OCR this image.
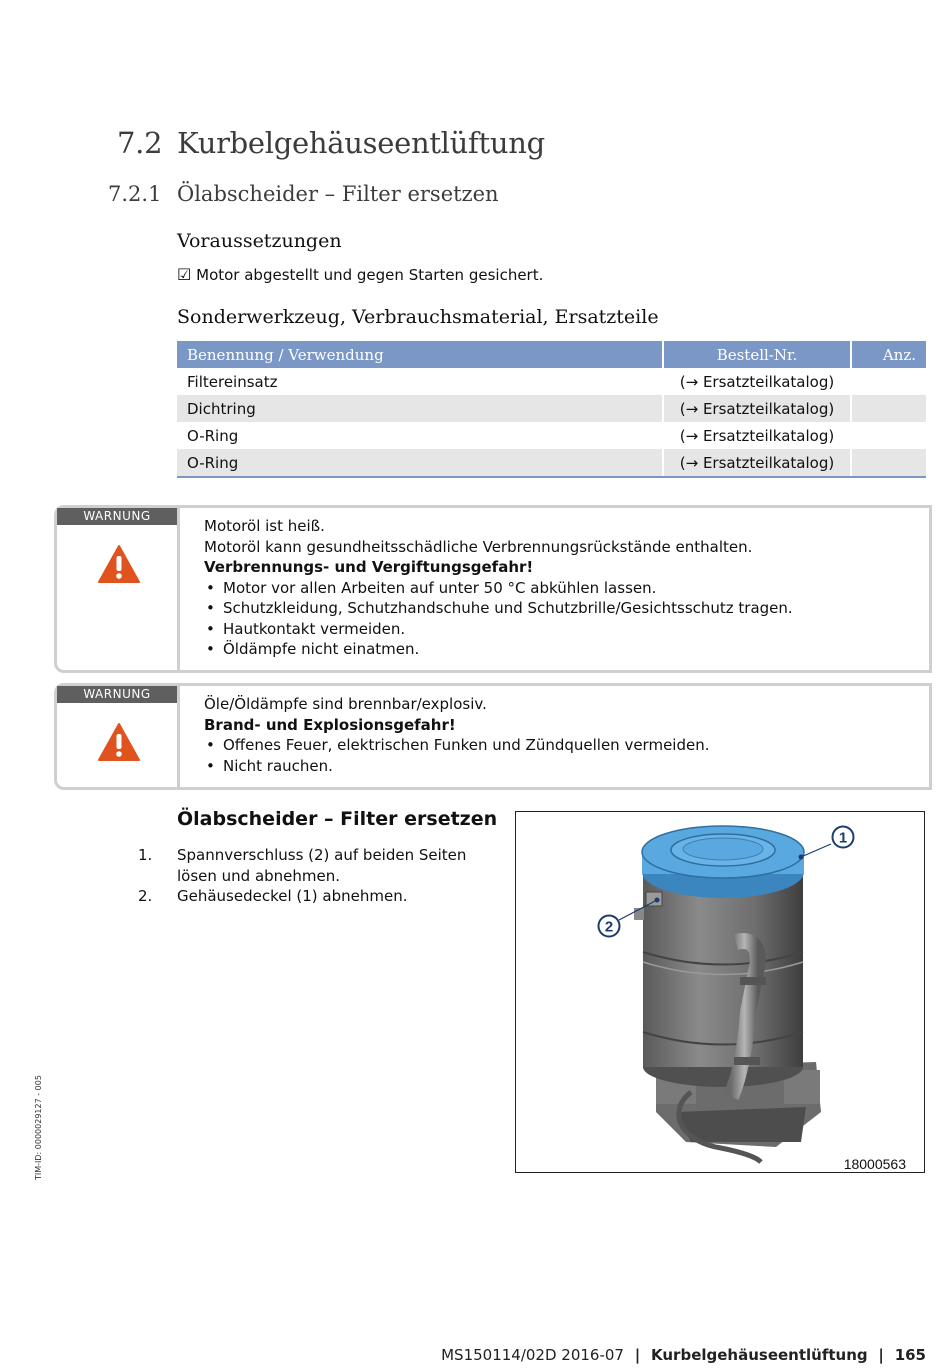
7.2 Kurbelgehäuseentlüftung
7.2.1 Ölabscheider – Filter ersetzen
Voraussetzungen
☑ Motor abgestellt und gegen Starten gesichert.
Sonderwerkzeug, Verbrauchsmaterial, Ersatzteile
Benennung / Verwendung	Bestell-Nr.	Anz.
Filtereinsatz	(→ Ersatzteilkatalog)	
Dichtring	(→ Ersatzteilkatalog)	
O-Ring	(→ Ersatzteilkatalog)	
O-Ring	(→ Ersatzteilkatalog)	
WARNUNG
Motoröl ist heiß.
Motoröl kann gesundheitsschädliche Verbrennungsrückstände enthalten.
Verbrennungs- und Vergiftungsgefahr!
• Motor vor allen Arbeiten auf unter 50 °C abkühlen lassen.
• Schutzkleidung, Schutzhandschuhe und Schutzbrille/Gesichtsschutz tragen.
• Hautkontakt vermeiden.
• Öldämpfe nicht einatmen.
WARNUNG
Öle/Öldämpfe sind brennbar/explosiv.
Brand- und Explosionsgefahr!
• Offenes Feuer, elektrischen Funken und Zündquellen vermeiden.
• Nicht rauchen.
Ölabscheider – Filter ersetzen
1. Spannverschluss (2) auf beiden Seiten lösen und abnehmen.
2. Gehäusedeckel (1) abnehmen.
1
2
18000563
TIM-ID: 0000029127 - 005
MS150114/02D 2016-07 | Kurbelgehäuseentlüftung | 165
